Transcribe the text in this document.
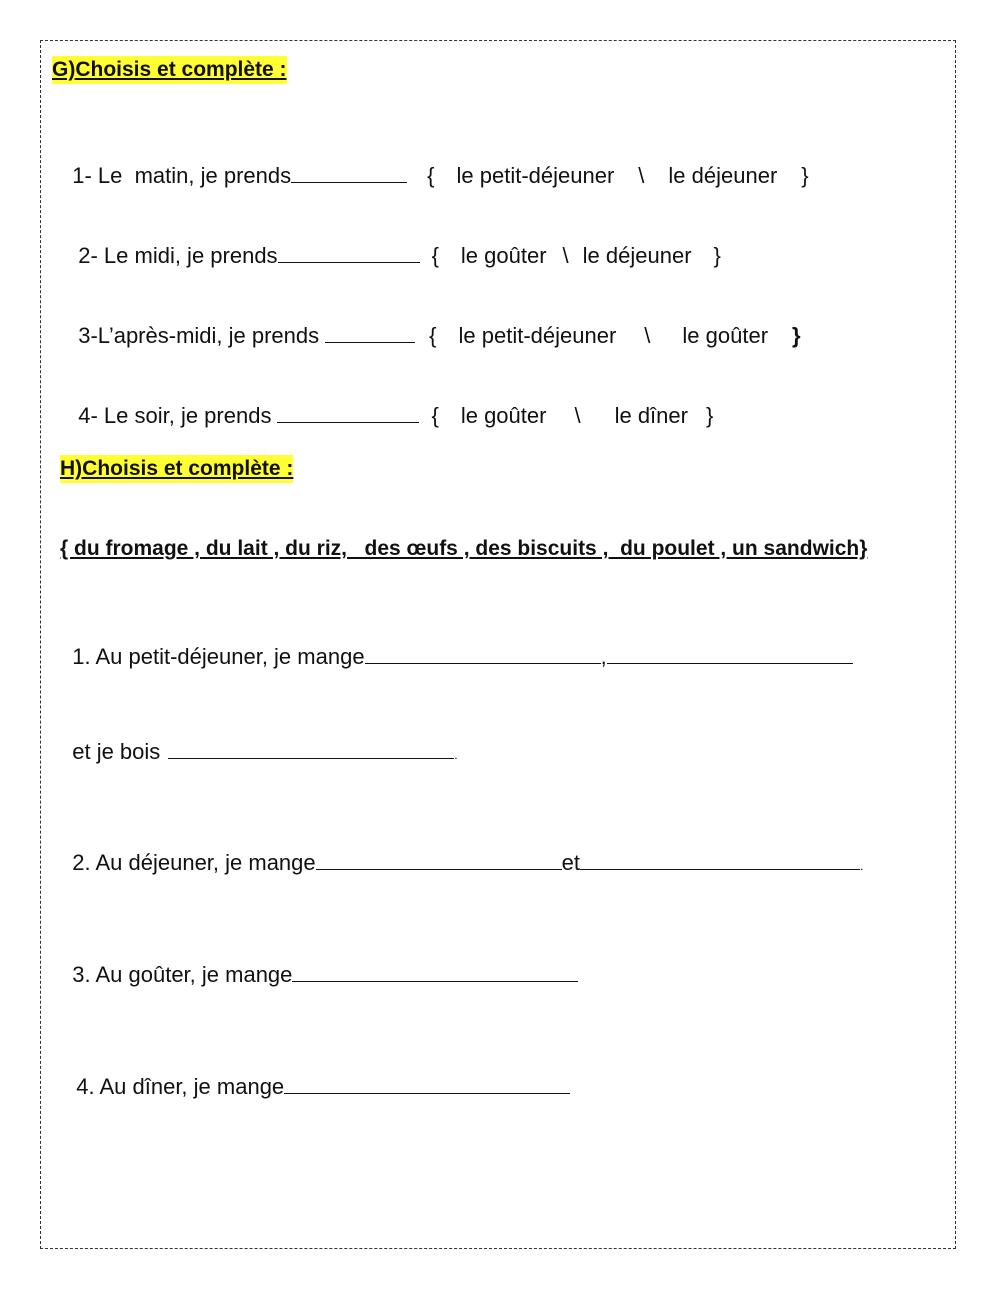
G)Choisis et complète :

1- Le  matin, je prends	{ le petit-déjeuner \ le déjeuner }

2- Le midi, je prends	{ le goûter \ le déjeuner }

3-L’après-midi, je prends	{ le petit-déjeuner \ le goûter }

4- Le soir, je prends	{ le goûter \ le dîner }

H)Choisis et complète :
{ du fromage , du lait , du riz,   des œufs , des biscuits ,  du poulet , un sandwich}

1. Au petit-déjeuner, je mange	,

et je bois	.

2. Au déjeuner, je mange	et	.

3. Au goûter, je mange

4. Au dîner, je mange
